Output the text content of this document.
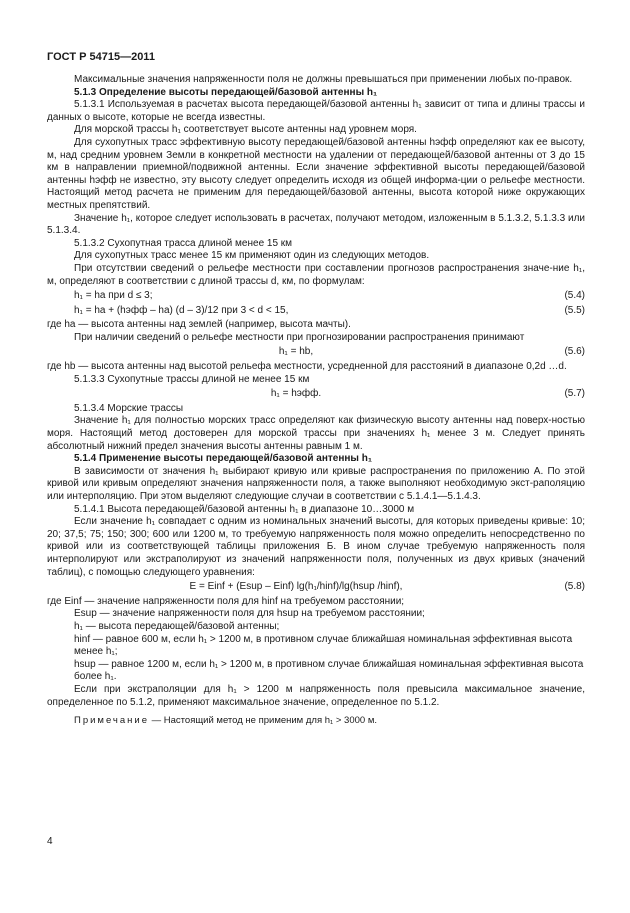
ГОСТ Р 54715—2011

Максимальные значения напряженности поля не должны превышаться при применении любых по-правок.

5.1.3 Определение высоты передающей/базовой антенны h₁

5.1.3.1 Используемая в расчетах высота передающей/базовой антенны h₁ зависит от типа и длины трассы и данных о высоте, которые не всегда известны.

Для морской трассы h₁ соответствует высоте антенны над уровнем моря.

Для сухопутных трасс эффективную высоту передающей/базовой антенны hэфф определяют как ее высоту, м, над средним уровнем Земли в конкретной местности на удалении от передающей/базовой антенны от 3 до 15 км в направлении приемной/подвижной антенны. Если значение эффективной высоты передающей/базовой антенны hэфф не известно, эту высоту следует определить исходя из общей информа-ции о рельефе местности. Настоящий метод расчета не применим для передающей/базовой антенны, высота которой ниже окружающих местных препятствий.

Значение h₁, которое следует использовать в расчетах, получают методом, изложенным в 5.1.3.2, 5.1.3.3 или 5.1.3.4.

5.1.3.2 Сухопутная трасса длиной менее 15 км

Для сухопутных трасс менее 15 км применяют один из следующих методов.

При отсутствии сведений о рельефе местности при составлении прогнозов распространения значе-ние h₁, м, определяют в соответствии с длиной трассы d, км, по формулам:

h₁ = hа при d ≤ 3;	(5.4)
h₁ = hа + (hэфф – hа) (d – 3)/12 при 3 < d < 15,	(5.5)

где hа — высота антенны над землей (например, высота мачты).

При наличии сведений о рельефе местности при прогнозировании распространения принимают

h₁ = hb,	(5.6)

где hb — высота антенны над высотой рельефа местности, усредненной для расстояний в диапазоне 0,2d …d.

5.1.3.3 Сухопутные трассы длиной не менее 15 км

h₁ = hэфф.	(5.7)

5.1.3.4 Морские трассы

Значение h₁ для полностью морских трасс определяют как физическую высоту антенны над поверх-ностью моря. Настоящий метод достоверен для морской трассы при значениях h₁ менее 3 м. Следует принять абсолютный нижний предел значения высоты антенны равным 1 м.

5.1.4 Применение высоты передающей/базовой антенны h₁

В зависимости от значения h₁ выбирают кривую или кривые распространения по приложению А. По этой кривой или кривым определяют значения напряженности поля, а также выполняют необходимую экст-раполяцию или интерполяцию. При этом выделяют следующие случаи в соответствии с 5.1.4.1—5.1.4.3.

5.1.4.1 Высота передающей/базовой антенны h₁ в диапазоне 10…3000 м

Если значение h₁ совпадает с одним из номинальных значений высоты, для которых приведены кривые: 10; 20; 37,5; 75; 150; 300; 600 или 1200 м, то требуемую напряженность поля можно определить непосредственно по кривой или из соответствующей таблицы приложения Б. В ином случае требуемую напряженность поля интерполируют или экстраполируют из значений напряженности поля, полученных из двух кривых (значений таблиц), с помощью следующего уравнения:

E = Einf + (Esup – Einf) lg(h₁/hinf)/lg(hsup /hinf),	(5.8)

где Einf — значение напряженности поля для hinf на требуемом расстоянии;

Esup — значение напряженности поля для hsup на требуемом расстоянии;

h₁ — высота передающей/базовой антенны;

hinf — равное 600 м, если h₁ > 1200 м, в противном случае ближайшая номинальная эффективная высота менее h₁;

hsup — равное 1200 м, если h₁ > 1200 м, в противном случае ближайшая номинальная эффективная высота более h₁.

Если при экстраполяции для h₁ > 1200 м напряженность поля превысила максимальное значение, определенное по 5.1.2, применяют максимальное значение, определенное по 5.1.2.

Примечание — Настоящий метод не применим для h₁ > 3000 м.

4
